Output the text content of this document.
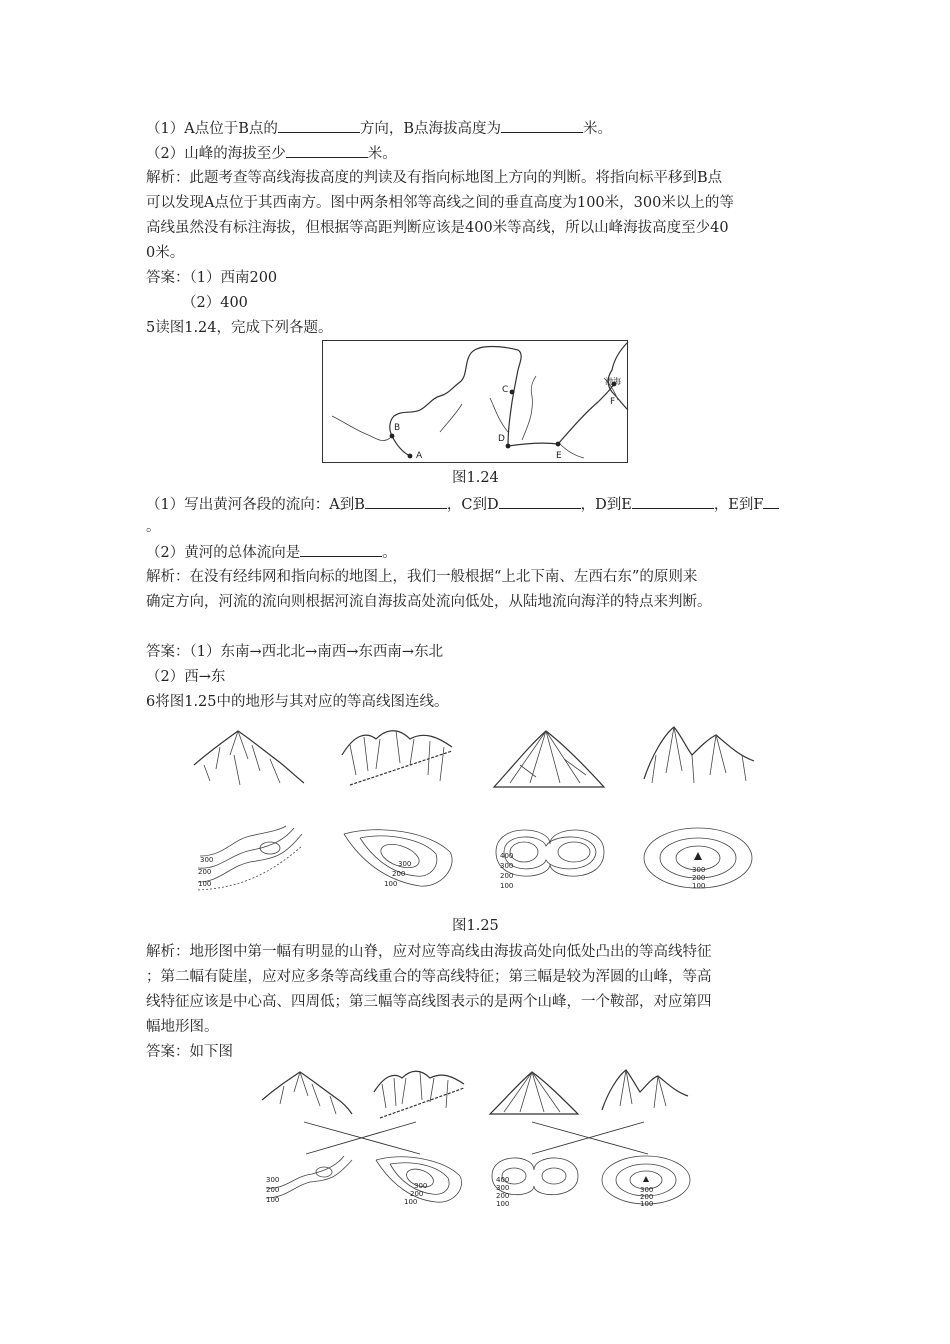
（1）A点位于B点的	方向，B点海拔高度为	米。
（2）山峰的海拔至少	米。
解析：此题考查等高线海拔高度的判读及有指向标地图上方向的判断。将指向标平移到B点
可以发现A点位于其西南方。图中两条相邻等高线之间的垂直高度为100米，300米以上的等
高线虽然没有标注海拔，但根据等高距判断应该是400米等高线，所以山峰海拔高度至少40
0米。
答案：（1）西南200
（2）400
5读图1.24，完成下列各题。
A
B
C
D
E
F
渤海
图1.24
（1）写出黄河各段的流向：A到B	，C到D	，D到E	，E到F
。
（2）黄河的总体流向是	。
解析：在没有经纬网和指向标的地图上，我们一般根据“上北下南、左西右东”的原则来
确定方向，河流的流向则根据河流自海拔高处流向低处，从陆地流向海洋的特点来判断。
答案：（1）东南→西北北→南西→东西南→东北
（2）西→东
6将图1.25中的地形与其对应的等高线图连线。
300
200
100
300
200
100
400
300
200
100
300
200
100
图1.25
解析：地形图中第一幅有明显的山脊，应对应等高线由海拔高处向低处凸出的等高线特征
；第二幅有陡崖，应对应多条等高线重合的等高线特征；第三幅是较为浑圆的山峰，等高
线特征应该是中心高、四周低；第三幅等高线图表示的是两个山峰，一个鞍部，对应第四
幅地形图。
答案：如下图
300
200
100
300
200
100
400
300
200
100
300
200
100
